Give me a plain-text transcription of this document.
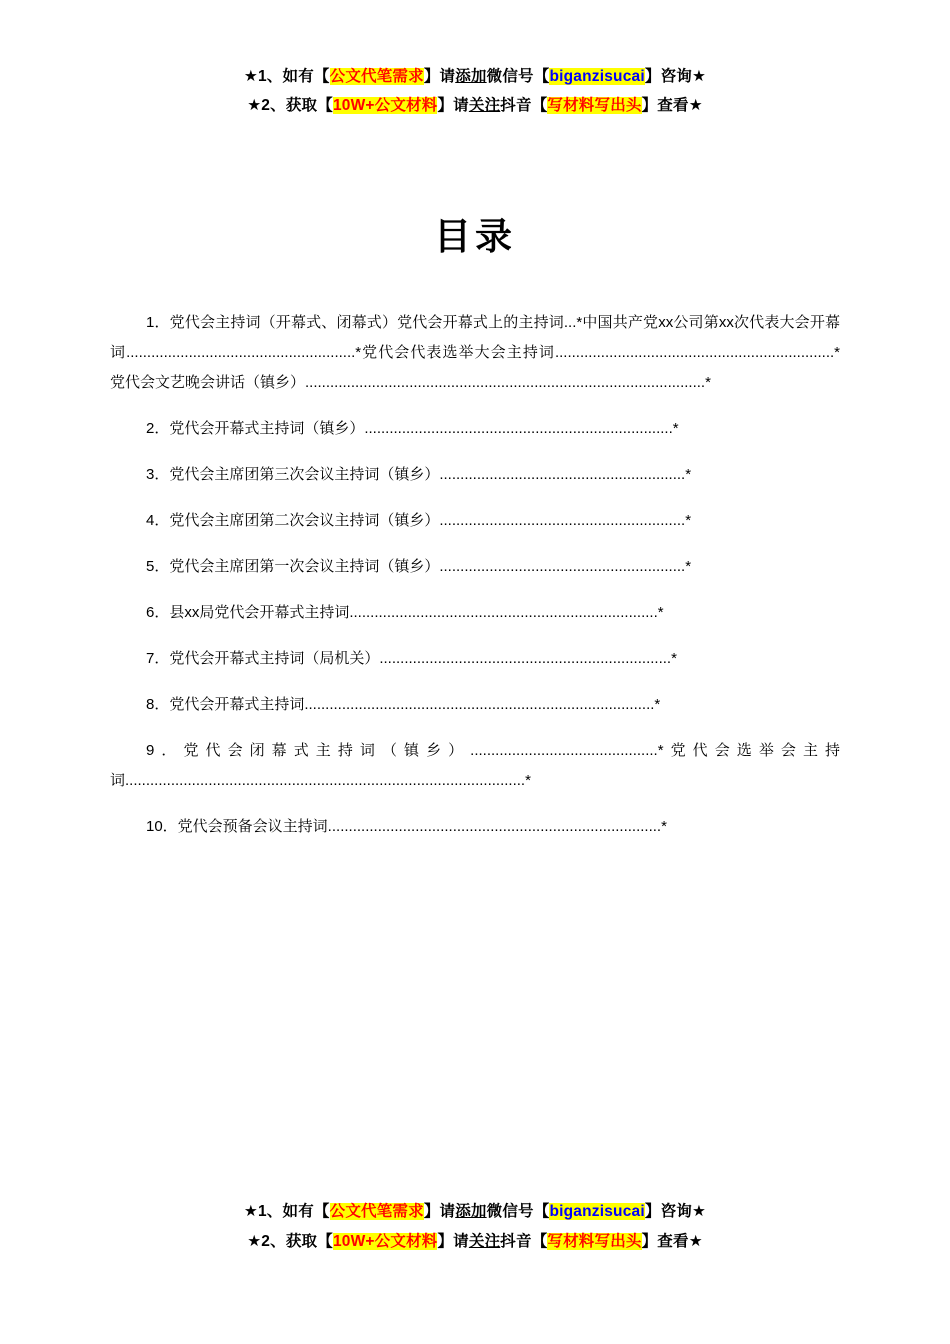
★1、如有【公文代笔需求】请添加微信号【biganzisucai】咨询★
★2、获取【10W+公文材料】请关注抖音【写材料写出头】查看★
目录
1．党代会主持词（开幕式、闭幕式）党代会开幕式上的主持词...*中国共产党xx公司第xx次代表大会开幕词.......................................................*党代会代表选举大会主持词...................................................................*党代会文艺晚会讲话（镇乡）................................................................................................*
2．党代会开幕式主持词（镇乡）..........................................................................*
3．党代会主席团第三次会议主持词（镇乡）...........................................................*
4．党代会主席团第二次会议主持词（镇乡）...........................................................*
5．党代会主席团第一次会议主持词（镇乡）...........................................................*
6．县xx局党代会开幕式主持词..........................................................................*
7．党代会开幕式主持词（局机关）......................................................................*
8．党代会开幕式主持词....................................................................................*
9．党代会闭幕式主持词（镇乡）.............................................*党代会选举会主持词................................................................................................*
10．党代会预备会议主持词................................................................................*
★1、如有【公文代笔需求】请添加微信号【biganzisucai】咨询★
★2、获取【10W+公文材料】请关注抖音【写材料写出头】查看★
